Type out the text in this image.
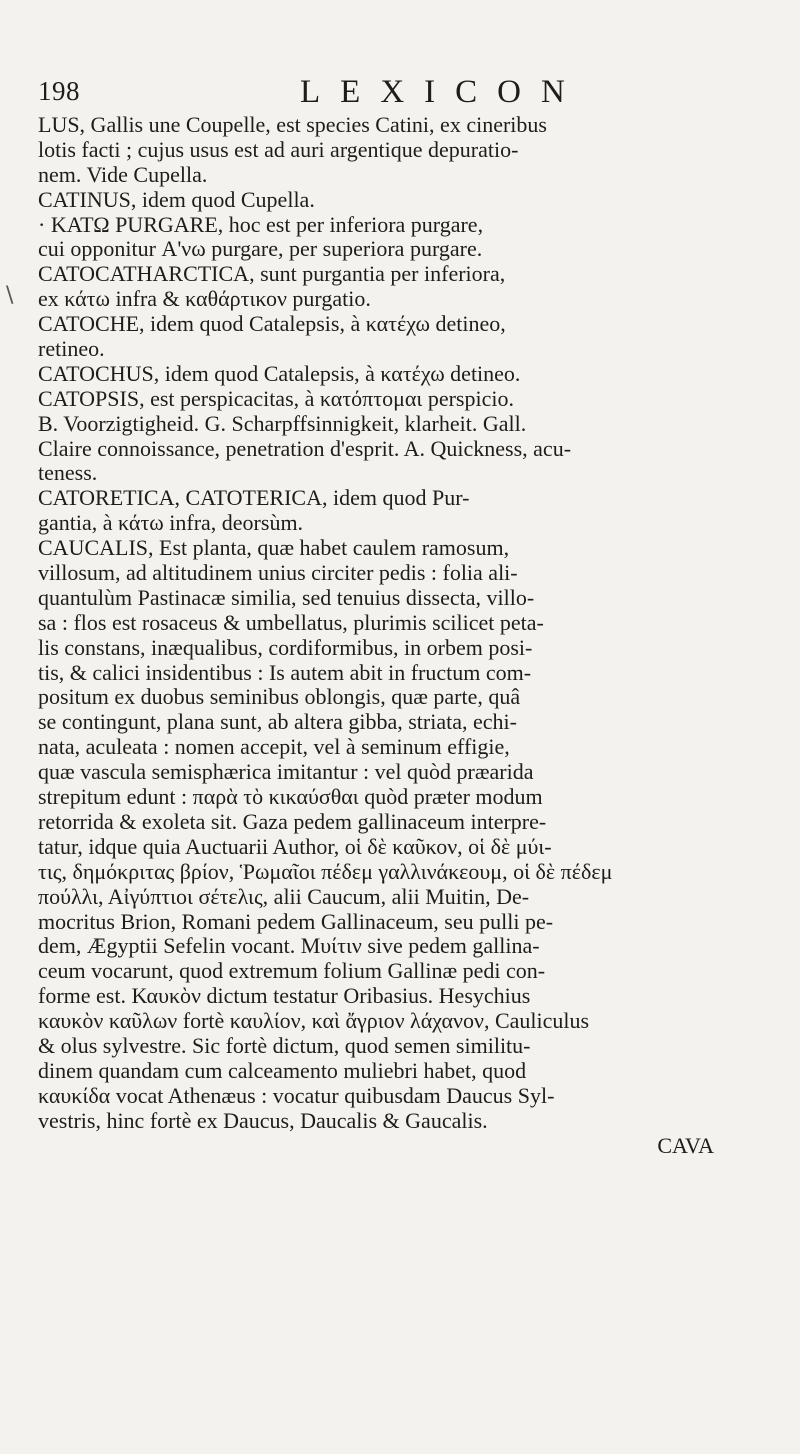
198	LEXICON
\
LUS, Gallis une Coupelle, est species Catini, ex cineribus
lotis facti ; cujus usus est ad auri argentique depuratio-
nem. Vide Cupella.
CATINUS, idem quod Cupella.
· ΚΑΤΩ PURGARE, hoc est per inferiora purgare,
cui opponitur Α'νω purgare, per superiora purgare.
CATOCATHARCTICA, sunt purgantia per inferiora,
ex κάτω infra & καθάρτικον purgatio.
CATOCHE, idem quod Catalepsis, à κατέχω detineo,
retineo.
CATOCHUS, idem quod Catalepsis, à κατέχω detineo.
CATOPSIS, est perspicacitas, à κατόπτομαι perspicio.
B. Voorzigtigheid. G. Scharpffsinnigkeit, klarheit. Gall.
Claire connoissance, penetration d'esprit. A. Quickness, acu-
teness.
CATORETICA, CATOTERICA, idem quod Pur-
gantia, à κάτω infra, deorsùm.
CAUCALIS, Est planta, quæ habet caulem ramosum,
villosum, ad altitudinem unius circiter pedis : folia ali-
quantulùm Pastinacæ similia, sed tenuius dissecta, villo-
sa : flos est rosaceus & umbellatus, plurimis scilicet peta-
lis constans, inæqualibus, cordiformibus, in orbem posi-
tis, & calici insidentibus : Is autem abit in fructum com-
positum ex duobus seminibus oblongis, quæ parte, quâ
se contingunt, plana sunt, ab altera gibba, striata, echi-
nata, aculeata : nomen accepit, vel à seminum effigie,
quæ vascula semisphærica imitantur : vel quòd præarida
strepitum edunt : παρὰ τὸ κικαύσθαι quòd præter modum
retorrida & exoleta sit. Gaza pedem gallinaceum interpre-
tatur, idque quia Auctuarii Author, οἱ δὲ καῦκον, οἱ δὲ μύι-
τις, δημόκριτας βρίον, Ῥωμαῖοι πέδεμ γαλλινάκεουμ, οἱ δὲ πέδεμ
πούλλι, Αἰγύπτιοι σέτελις, alii Caucum, alii Muitin, De-
mocritus Brion, Romani pedem Gallinaceum, seu pulli pe-
dem, Ægyptii Sefelin vocant. Μυίτιν sive pedem gallina-
ceum vocarunt, quod extremum folium Gallinæ pedi con-
forme est. Καυκὸν dictum testatur Oribasius. Hesychius
καυκὸν καῦλων fortè καυλίον, καὶ ἄγριον λάχανον, Cauliculus
& olus sylvestre. Sic fortè dictum, quod semen similitu-
dinem quandam cum calceamento muliebri habet, quod
καυκίδα vocat Athenæus : vocatur quibusdam Daucus Syl-
vestris, hinc fortè ex Daucus, Daucalis & Gaucalis.
CAVA
